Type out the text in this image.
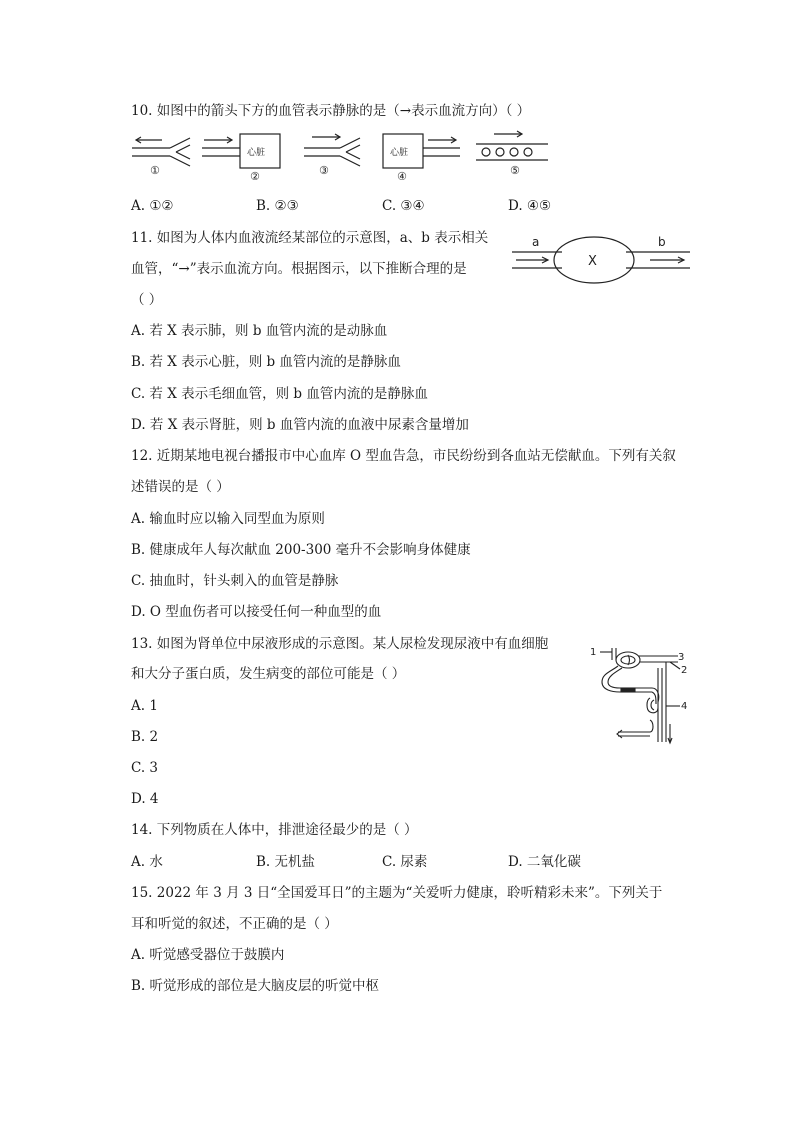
10. 如图中的箭头下方的血管表示静脉的是（→表示血流方向）（ ）
①
心脏
②	③
心脏
④	⑤
A. ①②	B. ②③	C. ③④	D. ④⑤
11. 如图为人体内血液流经某部位的示意图，a、b 表示相关
血管，“→”表示血流方向。根据图示，以下推断合理的是
（ ）
a
X
b
A. 若 X 表示肺，则 b 血管内流的是动脉血
B. 若 X 表示心脏，则 b 血管内流的是静脉血
C. 若 X 表示毛细血管，则 b 血管内流的是静脉血
D. 若 X 表示肾脏，则 b 血管内流的血液中尿素含量增加
12. 近期某地电视台播报市中心血库 O 型血告急，市民纷纷到各血站无偿献血。下列有关叙
述错误的是（ ）
A. 输血时应以输入同型血为原则
B. 健康成年人每次献血 200-300 毫升不会影响身体健康
C. 抽血时，针头刺入的血管是静脉
D. O 型血伤者可以接受任何一种血型的血
13. 如图为肾单位中尿液形成的示意图。某人尿检发现尿液中有血细胞
和大分子蛋白质，发生病变的部位可能是（ ）
1	3
2
4
A. 1
B. 2
C. 3
D. 4
14. 下列物质在人体中，排泄途径最少的是（ ）
A. 水	B. 无机盐	C. 尿素	D. 二氧化碳
15. 2022 年 3 月 3 日“全国爱耳日”的主题为“关爱听力健康，聆听精彩未来”。下列关于
耳和听觉的叙述，不正确的是（ ）
A. 听觉感受器位于鼓膜内
B. 听觉形成的部位是大脑皮层的听觉中枢
